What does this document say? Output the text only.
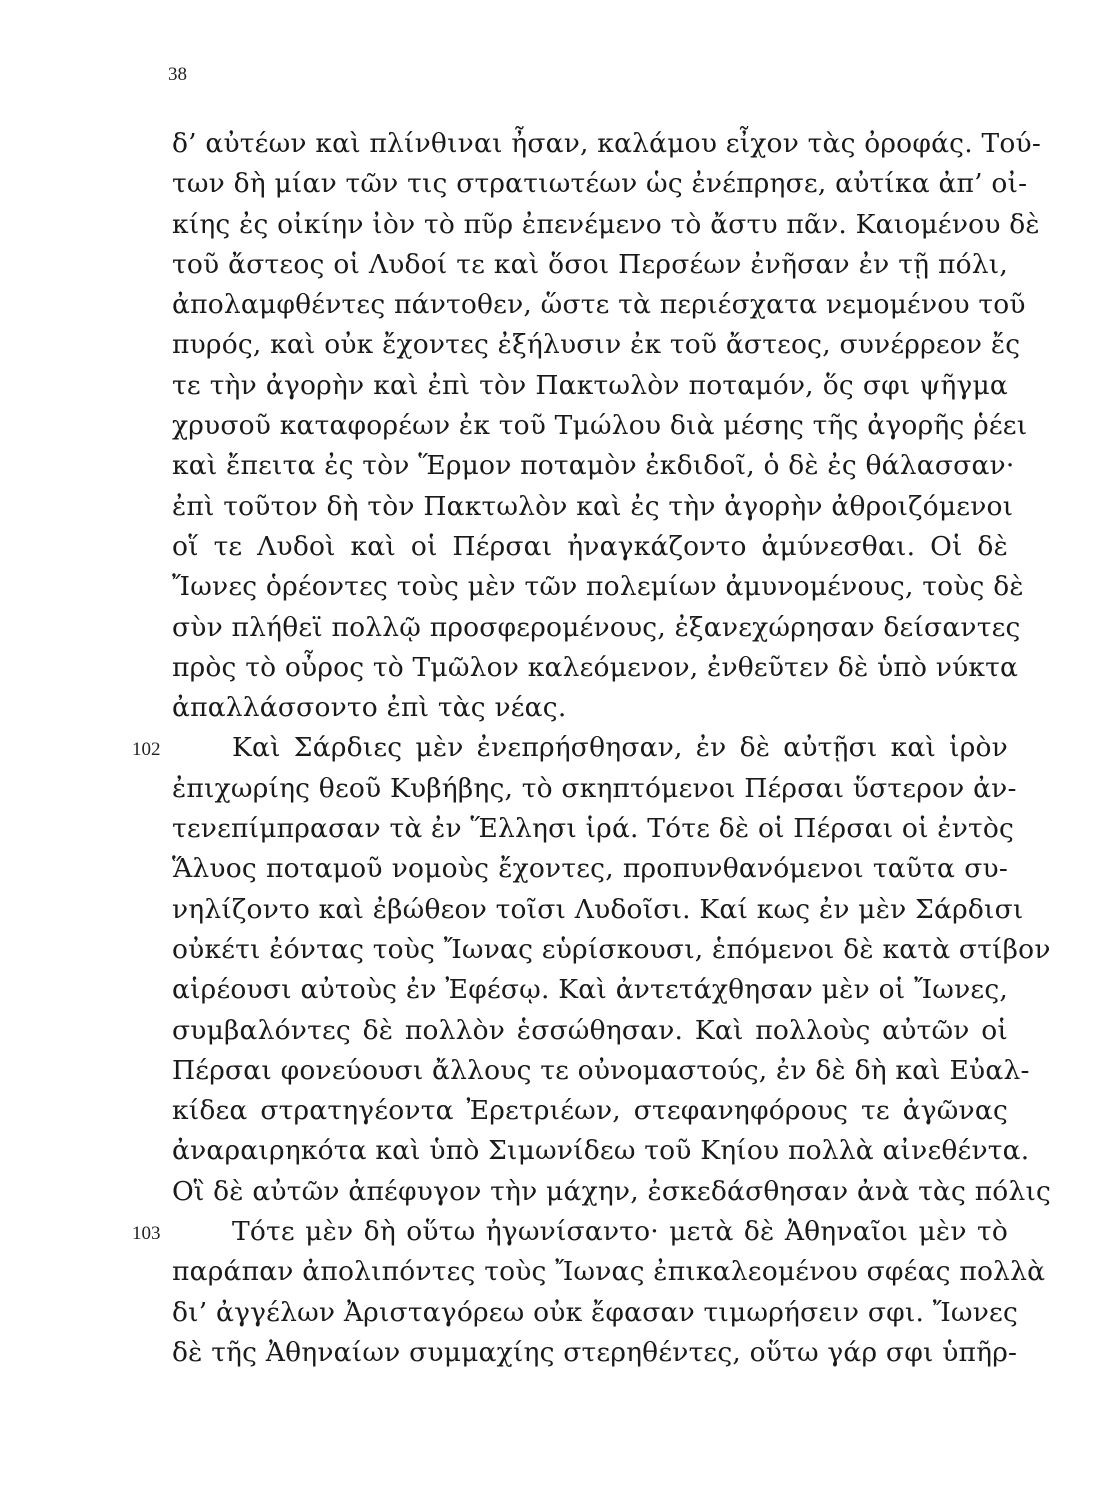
38
δ’ αὐτέων καὶ πλίνθιναι ἦσαν, καλάμου εἶχον τὰς ὀροφάς. Τού-
των δὴ μίαν τῶν τις στρατιωτέων ὡς ἐνέπρησε, αὐτίκα ἀπ’ οἰ-
κίης ἐς οἰκίην ἰὸν τὸ πῦρ ἐπενέμενο τὸ ἄστυ πᾶν. Καιομένου δὲ
τοῦ ἄστεος οἱ Λυδοί τε καὶ ὅσοι Περσέων ἐνῆσαν ἐν τῇ πόλι,
ἀπολαμφθέντες πάντοθεν, ὥστε τὰ περιέσχατα νεμομένου τοῦ
πυρός, καὶ οὐκ ἔχοντες ἐξήλυσιν ἐκ τοῦ ἄστεος, συνέρρεον ἔς
τε τὴν ἀγορὴν καὶ ἐπὶ τὸν Πακτωλὸν ποταμόν, ὅς σφι ψῆγμα
χρυσοῦ καταφορέων ἐκ τοῦ Τμώλου διὰ μέσης τῆς ἀγορῆς ῥέει
καὶ ἔπειτα ἐς τὸν Ἕρμον ποταμὸν ἐκδιδοῖ, ὁ δὲ ἐς θάλασσαν·
ἐπὶ τοῦτον δὴ τὸν Πακτωλὸν καὶ ἐς τὴν ἀγορὴν ἀθροιζόμενοι
οἵ τε Λυδοὶ καὶ οἱ Πέρσαι ἠναγκάζοντο ἀμύνεσθαι. Οἱ δὲ
Ἴωνες ὁρέοντες τοὺς μὲν τῶν πολεμίων ἀμυνομένους, τοὺς δὲ
σὺν πλήθεϊ πολλῷ προσφερομένους, ἐξανεχώρησαν δείσαντες
πρὸς τὸ οὖρος τὸ Τμῶλον καλεόμενον, ἐνθεῦτεν δὲ ὑπὸ νύκτα
ἀπαλλάσσοντο ἐπὶ τὰς νέας.
102	Καὶ Σάρδιες μὲν ἐνεπρήσθησαν, ἐν δὲ αὐτῇσι καὶ ἱρὸν
ἐπιχωρίης θεοῦ Κυβήβης, τὸ σκηπτόμενοι Πέρσαι ὕστερον ἀν-
τενεπίμπρασαν τὰ ἐν Ἕλλησι ἱρά. Τότε δὲ οἱ Πέρσαι οἱ ἐντὸς
Ἅλυος ποταμοῦ νομοὺς ἔχοντες, προπυνθανόμενοι ταῦτα συ-
νηλίζοντο καὶ ἐβώθεον τοῖσι Λυδοῖσι. Καί κως ἐν μὲν Σάρδισι
οὐκέτι ἐόντας τοὺς Ἴωνας εὑρίσκουσι, ἑπόμενοι δὲ κατὰ στίβον
αἱρέουσι αὐτοὺς ἐν Ἐφέσῳ. Καὶ ἀντετάχθησαν μὲν οἱ Ἴωνες,
συμβαλόντες δὲ πολλὸν ἑσσώθησαν. Καὶ πολλοὺς αὐτῶν οἱ
Πέρσαι φονεύουσι ἄλλους τε οὐνομαστούς, ἐν δὲ δὴ καὶ Εὐαλ-
κίδεα στρατηγέοντα Ἐρετριέων, στεφανηφόρους τε ἀγῶνας
ἀναραιρηκότα καὶ ὑπὸ Σιμωνίδεω τοῦ Κηίου πολλὰ αἰνεθέντα.
Οἳ δὲ αὐτῶν ἀπέφυγον τὴν μάχην, ἐσκεδάσθησαν ἀνὰ τὰς πόλις
103	Τότε μὲν δὴ οὕτω ἠγωνίσαντο· μετὰ δὲ Ἀθηναῖοι μὲν τὸ
παράπαν ἀπολιπόντες τοὺς Ἴωνας ἐπικαλεομένου σφέας πολλὰ
δι’ ἀγγέλων Ἀρισταγόρεω οὐκ ἔφασαν τιμωρήσειν σφι. Ἴωνες
δὲ τῆς Ἀθηναίων συμμαχίης στερηθέντες, οὕτω γάρ σφι ὑπῆρ-
